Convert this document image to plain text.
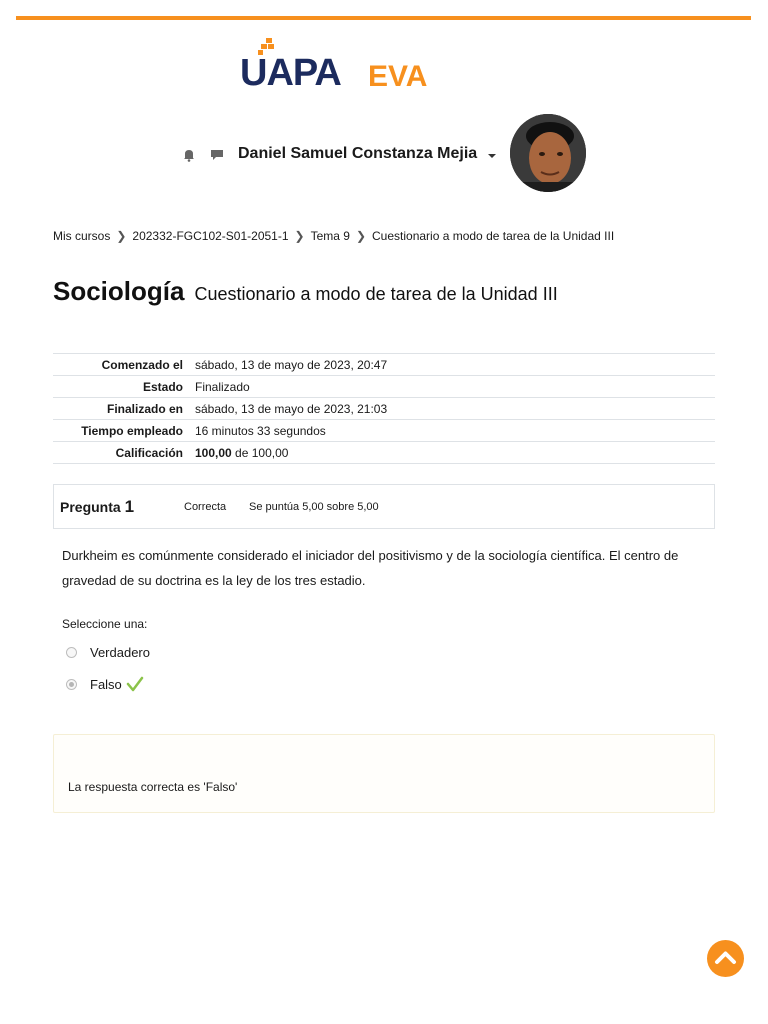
UAPA EVA
Daniel Samuel Constanza Mejia
Mis cursos ❯ 202332-FGC102-S01-2051-1 ❯ Tema 9 ❯ Cuestionario a modo de tarea de la Unidad III
Sociología Cuestionario a modo de tarea de la Unidad III
Comenzado el	sábado, 13 de mayo de 2023, 20:47
Estado	Finalizado
Finalizado en	sábado, 13 de mayo de 2023, 21:03
Tiempo empleado	16 minutos 33 segundos
Calificación	100,00 de 100,00
Pregunta 1	Correcta Se puntúa 5,00 sobre 5,00
Durkheim es comúnmente considerado el iniciador del positivismo y de la sociología científica. El centro de gravedad de su doctrina es la ley de los tres estadio.
Seleccione una:
Verdadero
Falso
La respuesta correcta es 'Falso'
